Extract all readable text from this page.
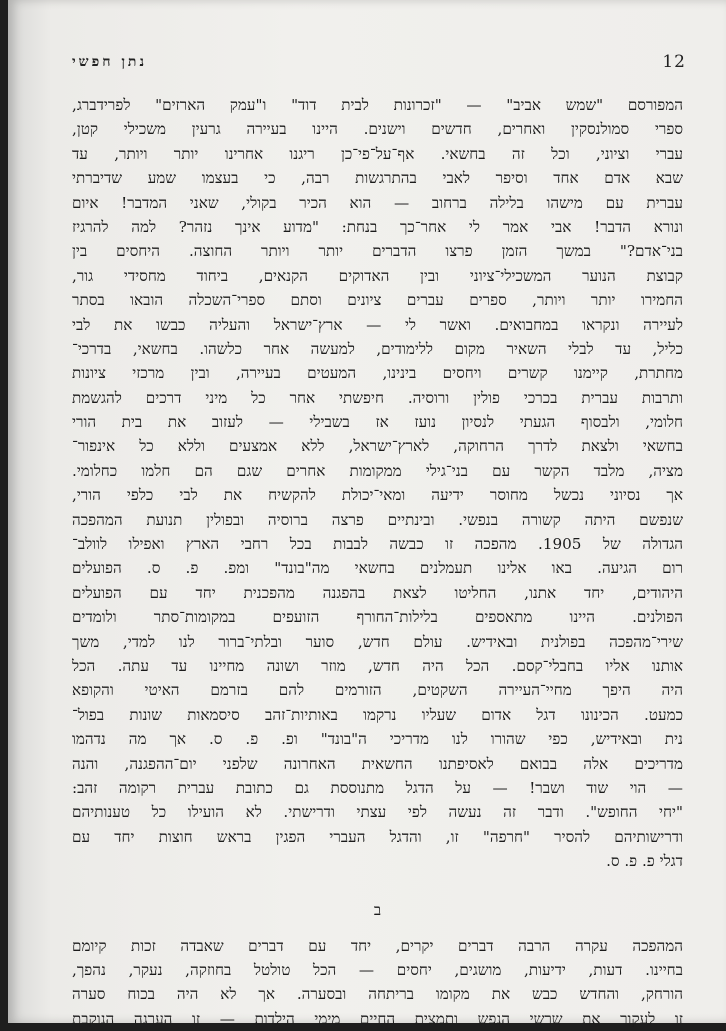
נתן חפשי	12
המפורסם "שמש אביב" — "זכרונות לבית דוד" ו"עמק הארזים" לפרידברג,
ספרי סמולנסקין ואחרים, חדשים וישנים. היינו בעיירה גרעין משכילי קטן,
עברי וציוני, וכל זה בחשאי. אף־על־פי־כן ריגנו אחרינו יותר ויותר, עד
שבא אדם אחד וסיפר לאבי בהתרגשות רבה, כי בעצמו שמע שדיברתי
עברית עם מישהו בלילה ברחוב — הוא הכיר בקולי, שאני המדבר! איום
ונורא הדבר! אבי אמר לי אחר־כך בנחת: "מדוע אינך נזהר? למה להרגיז
בני־אדם?" במשך הזמן פרצו הדברים יותר ויותר החוצה. היחסים בין
קבוצת הנוער המשכילי־ציוני ובין האדוקים הקנאים, ביחוד מחסידי גור,
החמירו יותר ויותר, ספרים עברים ציונים וסתם ספרי־השכלה הובאו בסתר
לעיירה ונקראו במחבואים. ואשר לי — ארץ־ישראל והעליה כבשו את לבי
כליל, עד לבלי השאיר מקום ללימודים, למעשה אחר כלשהו. בחשאי, בדרכי־
מחתרת, קיימנו קשרים ויחסים בינינו, המעטים בעיירה, ובין מרכזי ציונות
ותרבות עברית בכרכי פולין ורוסיה. חיפשתי אחר כל מיני דרכים להגשמת
חלומי, ולבסוף הגעתי לנסיון נועז אז בשבילי — לעזוב את בית הורי
בחשאי ולצאת לדרך הרחוקה, לארץ־ישראל, ללא אמצעים וללא כל אינפור־
מציה, מלבד הקשר עם בני־גילי ממקומות אחרים שגם הם חלמו כחלומי.
אך נסיוני נכשל מחוסר ידיעה ומאי־יכולת להקשיח את לבי כלפי הורי,
שנפשם היתה קשורה בנפשי. ובינתיים פרצה ברוסיה ובפולין תנועת המהפכה
הגדולה של 1905. מהפכה זו כבשה לבבות בכל רחבי הארץ ואפילו לוולב־
רום הגיעה. באו אלינו תעמלנים בחשאי מה"בונד" ומפ. פ. ס. הפועלים
היהודים, יחד אתנו, החליטו לצאת בהפגנה מהפכנית יחד עם הפועלים
הפולנים. היינו מתאספים בלילות־החורף הזועפים במקומות־סתר ולומדים
שירי־מהפכה בפולנית ובאידיש. עולם חדש, סוער ובלתי־ברור לנו למדי, משך
אותנו אליו בחבלי־קסם. הכל היה חדש, מוזר ושונה מחיינו עד עתה. הכל
היה היפך מחיי־העיירה השקטים, הזורמים להם בזרמם האיטי והקופא
כמעט. הכינונו דגל אדום שעליו נרקמו באותיות־זהב סיסמאות שונות בפול־
נית ובאידיש, כפי שהורו לנו מדריכי ה"בונד" ופ. פ. ס. אך מה נדהמו
מדריכים אלה בבואם לאסיפתנו החשאית האחרונה שלפני יום־ההפגנה, והנה
— הוי שוד ושבר! — על הדגל מתנוססת גם כתובת עברית רקומה זהב:
"יחי החופש". ודבר זה נעשה לפי עצתי ודרישתי. לא הועילו כל טענותיהם
ודרישותיהם להסיר "חרפה" זו, והדגל העברי הפגין בראש חוצות יחד עם
דגלי פ. פ. ס.
ב
המהפכה עקרה הרבה דברים יקרים, יחד עם דברים שאבדה זכות קיומם
בחיינו. דעות, ידיעות, מושגים, יחסים — הכל טולטל בחוזקה, נעקר, נהפך,
הורחק, והחדש כבש את מקומו בריתחה ובסערה. אך לא היה בכוח סערה
זו לעקור את שרשי הנפש ותמצית החיים מימי הילדות — זו הערגה הנוקבת
